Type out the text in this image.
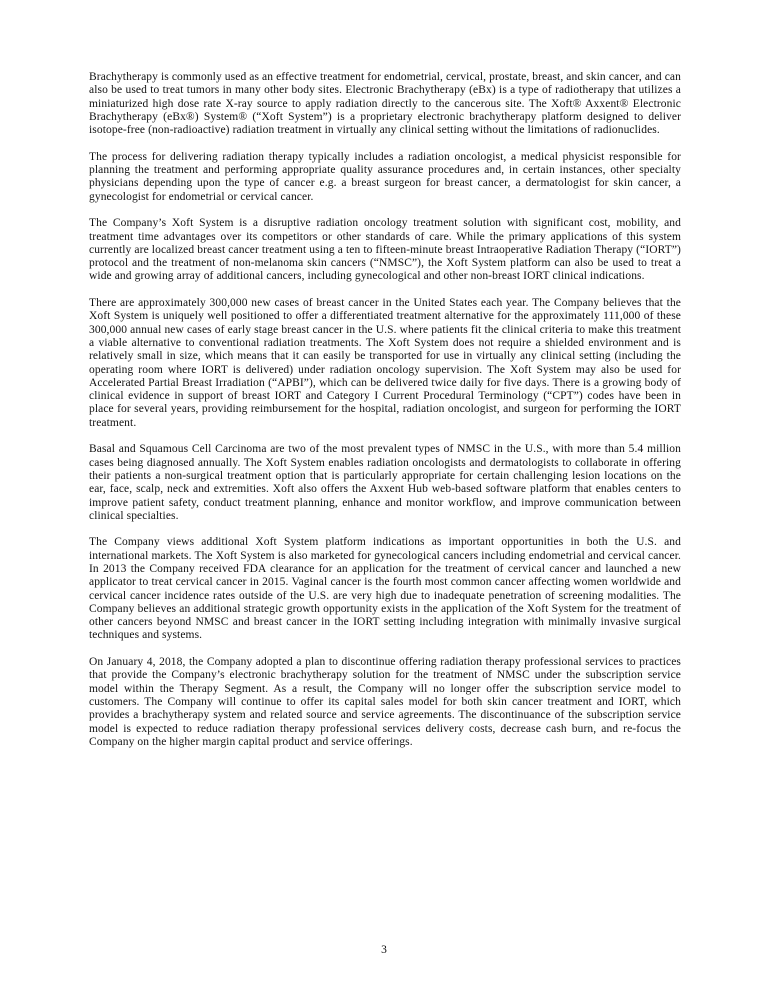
Brachytherapy is commonly used as an effective treatment for endometrial, cervical, prostate, breast, and skin cancer, and can also be used to treat tumors in many other body sites. Electronic Brachytherapy (eBx) is a type of radiotherapy that utilizes a miniaturized high dose rate X-ray source to apply radiation directly to the cancerous site. The Xoft® Axxent® Electronic Brachytherapy (eBx®) System® (“Xoft System”) is a proprietary electronic brachytherapy platform designed to deliver isotope-free (non-radioactive) radiation treatment in virtually any clinical setting without the limitations of radionuclides.

The process for delivering radiation therapy typically includes a radiation oncologist, a medical physicist responsible for planning the treatment and performing appropriate quality assurance procedures and, in certain instances, other specialty physicians depending upon the type of cancer e.g. a breast surgeon for breast cancer, a dermatologist for skin cancer, a gynecologist for endometrial or cervical cancer.

The Company’s Xoft System is a disruptive radiation oncology treatment solution with significant cost, mobility, and treatment time advantages over its competitors or other standards of care. While the primary applications of this system currently are localized breast cancer treatment using a ten to fifteen-minute breast Intraoperative Radiation Therapy (“IORT”) protocol and the treatment of non-melanoma skin cancers (“NMSC”), the Xoft System platform can also be used to treat a wide and growing array of additional cancers, including gynecological and other non-breast IORT clinical indications.

There are approximately 300,000 new cases of breast cancer in the United States each year. The Company believes that the Xoft System is uniquely well positioned to offer a differentiated treatment alternative for the approximately 111,000 of these 300,000 annual new cases of early stage breast cancer in the U.S. where patients fit the clinical criteria to make this treatment a viable alternative to conventional radiation treatments. The Xoft System does not require a shielded environment and is relatively small in size, which means that it can easily be transported for use in virtually any clinical setting (including the operating room where IORT is delivered) under radiation oncology supervision. The Xoft System may also be used for Accelerated Partial Breast Irradiation (“APBI”), which can be delivered twice daily for five days. There is a growing body of clinical evidence in support of breast IORT and Category I Current Procedural Terminology (“CPT”) codes have been in place for several years, providing reimbursement for the hospital, radiation oncologist, and surgeon for performing the IORT treatment.

Basal and Squamous Cell Carcinoma are two of the most prevalent types of NMSC in the U.S., with more than 5.4 million cases being diagnosed annually. The Xoft System enables radiation oncologists and dermatologists to collaborate in offering their patients a non-surgical treatment option that is particularly appropriate for certain challenging lesion locations on the ear, face, scalp, neck and extremities. Xoft also offers the Axxent Hub web-based software platform that enables centers to improve patient safety, conduct treatment planning, enhance and monitor workflow, and improve communication between clinical specialties.

The Company views additional Xoft System platform indications as important opportunities in both the U.S. and international markets. The Xoft System is also marketed for gynecological cancers including endometrial and cervical cancer. In 2013 the Company received FDA clearance for an application for the treatment of cervical cancer and launched a new applicator to treat cervical cancer in 2015. Vaginal cancer is the fourth most common cancer affecting women worldwide and cervical cancer incidence rates outside of the U.S. are very high due to inadequate penetration of screening modalities. The Company believes an additional strategic growth opportunity exists in the application of the Xoft System for the treatment of other cancers beyond NMSC and breast cancer in the IORT setting including integration with minimally invasive surgical techniques and systems.

On January 4, 2018, the Company adopted a plan to discontinue offering radiation therapy professional services to practices that provide the Company’s electronic brachytherapy solution for the treatment of NMSC under the subscription service model within the Therapy Segment. As a result, the Company will no longer offer the subscription service model to customers. The Company will continue to offer its capital sales model for both skin cancer treatment and IORT, which provides a brachytherapy system and related source and service agreements. The discontinuance of the subscription service model is expected to reduce radiation therapy professional services delivery costs, decrease cash burn, and re-focus the Company on the higher margin capital product and service offerings.

3
